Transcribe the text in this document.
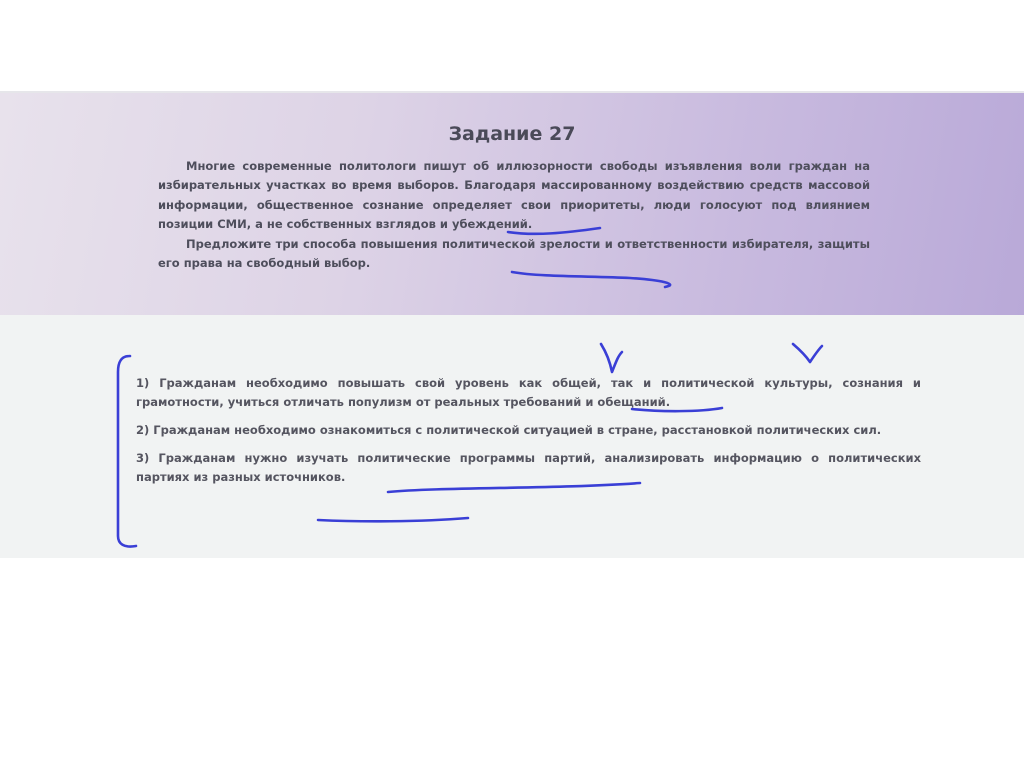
Задание 27

Многие современные политологи пишут об иллюзорности свободы изъявления воли граждан на избирательных участках во время выборов. Благодаря массированному воздействию средств массовой информации, общественное сознание определяет свои приоритеты, люди голосуют под влиянием позиции СМИ, а не собственных взглядов и убеждений.

Предложите три способа повышения политической зрелости и ответственности избирателя, защиты его права на свободный выбор.

1) Гражданам необходимо повышать свой уровень как общей, так и политической культуры, сознания и грамотности, учиться отличать популизм от реальных требований и обещаний.

2) Гражданам необходимо ознакомиться с политической ситуацией в стране, расстановкой политических сил.

3) Гражданам нужно изучать политические программы партий, анализировать информацию о политических партиях из разных источников.
